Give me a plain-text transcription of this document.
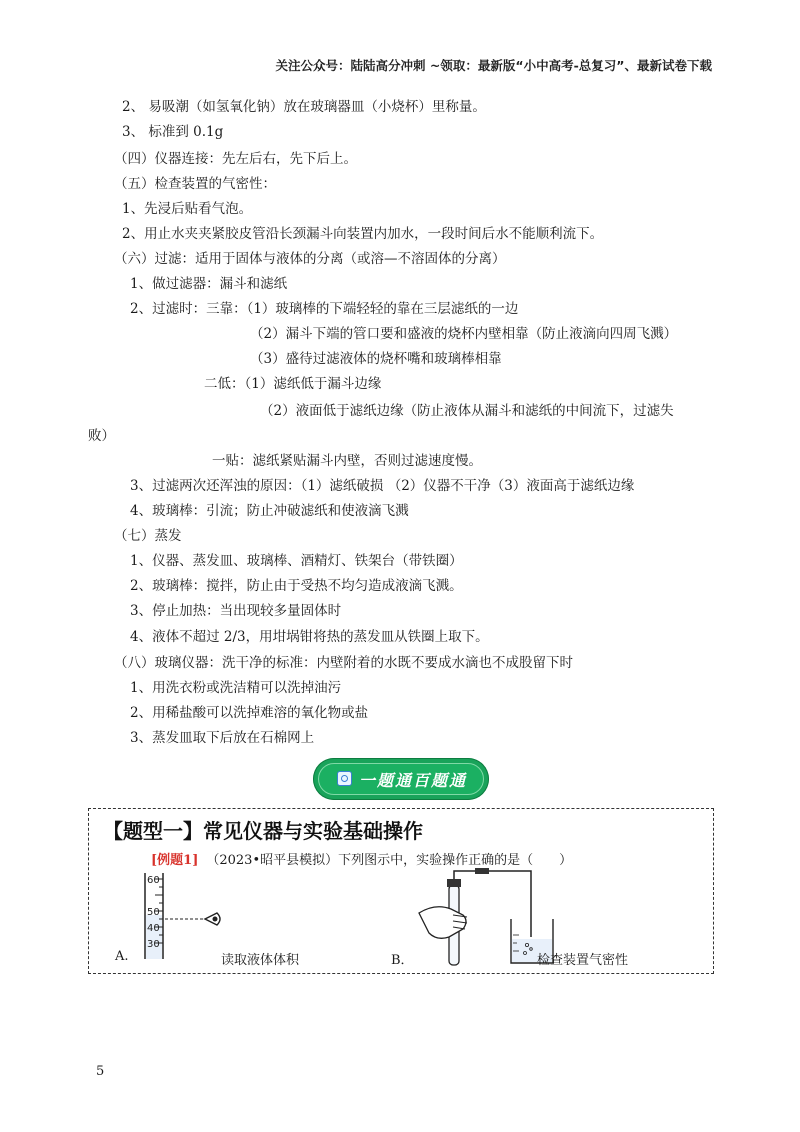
关注公众号：陆陆高分冲刺 ~领取：最新版“小中高考-总复习”、最新试卷下载
2、 易吸潮（如氢氧化钠）放在玻璃器皿（小烧杯）里称量。
3、 标准到 0.1g
（四）仪器连接：先左后右，先下后上。
（五）检查装置的气密性：
1、先浸后贴看气泡。
2、用止水夹夹紧胶皮管沿长颈漏斗向装置内加水，一段时间后水不能顺利流下。
（六）过滤：适用于固体与液体的分离（或溶—不溶固体的分离）
1、做过滤器：漏斗和滤纸
2、过滤时：三靠：（1）玻璃棒的下端轻轻的靠在三层滤纸的一边
（2）漏斗下端的管口要和盛液的烧杯内壁相靠（防止液滴向四周飞溅）
（3）盛待过滤液体的烧杯嘴和玻璃棒相靠
二低：（1）滤纸低于漏斗边缘
（2）液面低于滤纸边缘（防止液体从漏斗和滤纸的中间流下，过滤失
败）
一贴：滤纸紧贴漏斗内壁，否则过滤速度慢。
3、过滤两次还浑浊的原因：（1）滤纸破损 （2）仪器不干净（3）液面高于滤纸边缘
4、玻璃棒：引流；防止冲破滤纸和使液滴飞溅
（七）蒸发
1、仪器、蒸发皿、玻璃棒、酒精灯、铁架台（带铁圈）
2、玻璃棒：搅拌，防止由于受热不均匀造成液滴飞溅。
3、停止加热：当出现较多量固体时
4、液体不超过 2/3，用坩埚钳将热的蒸发皿从铁圈上取下。
（八）玻璃仪器：洗干净的标准：内壁附着的水既不要成水滴也不成股留下时
1、用洗衣粉或洗洁精可以洗掉油污
2、用稀盐酸可以洗掉难溶的氧化物或盐
3、蒸发皿取下后放在石棉网上
一题通百题通
【题型一】常见仪器与实验基础操作
[例题1] （2023•昭平县模拟）下列图示中，实验操作正确的是（　　）
60
50
40
30
A.	读取液体体积	B．	检查装置气密性
5
